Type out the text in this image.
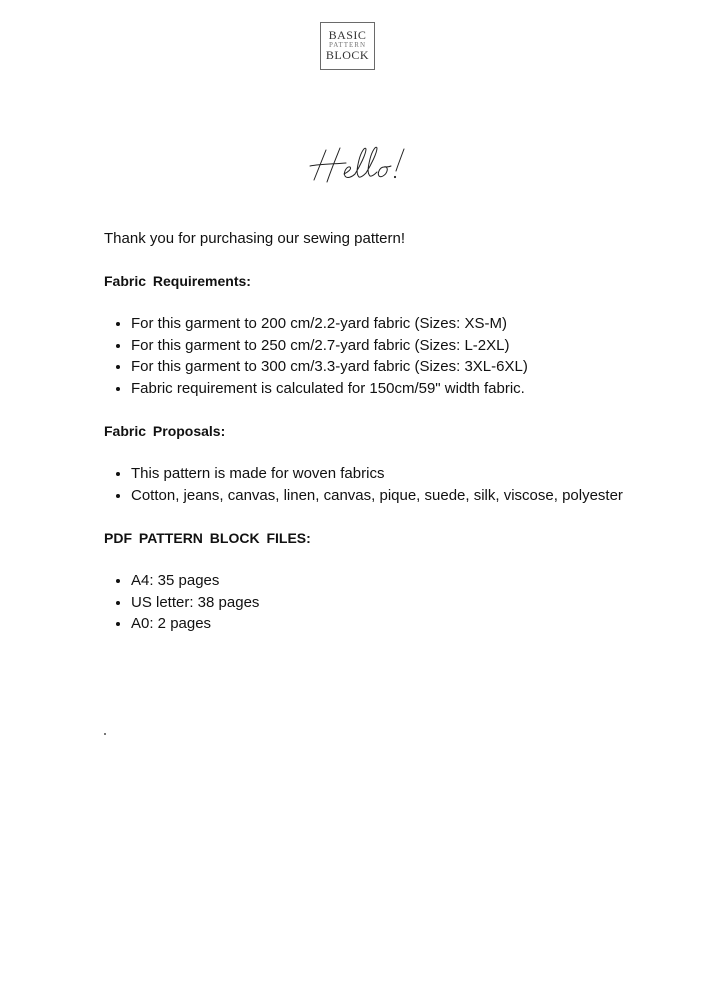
BASIC
PATTERN
BLOCK

Thank you for purchasing our sewing pattern!

Fabric Requirements:

• For this garment to 200 cm/2.2-yard fabric (Sizes: XS-M)
• For this garment to 250 cm/2.7-yard fabric (Sizes: L-2XL)
• For this garment to 300 cm/3.3-yard fabric (Sizes: 3XL-6XL)
• Fabric requirement is calculated for 150cm/59" width fabric.

Fabric Proposals:

• This pattern is made for woven fabrics
• Cotton, jeans, canvas, linen, canvas, pique, suede, silk, viscose, polyester

PDF PATTERN BLOCK FILES:

• A4: 35 pages
• US letter: 38 pages
• A0: 2 pages
